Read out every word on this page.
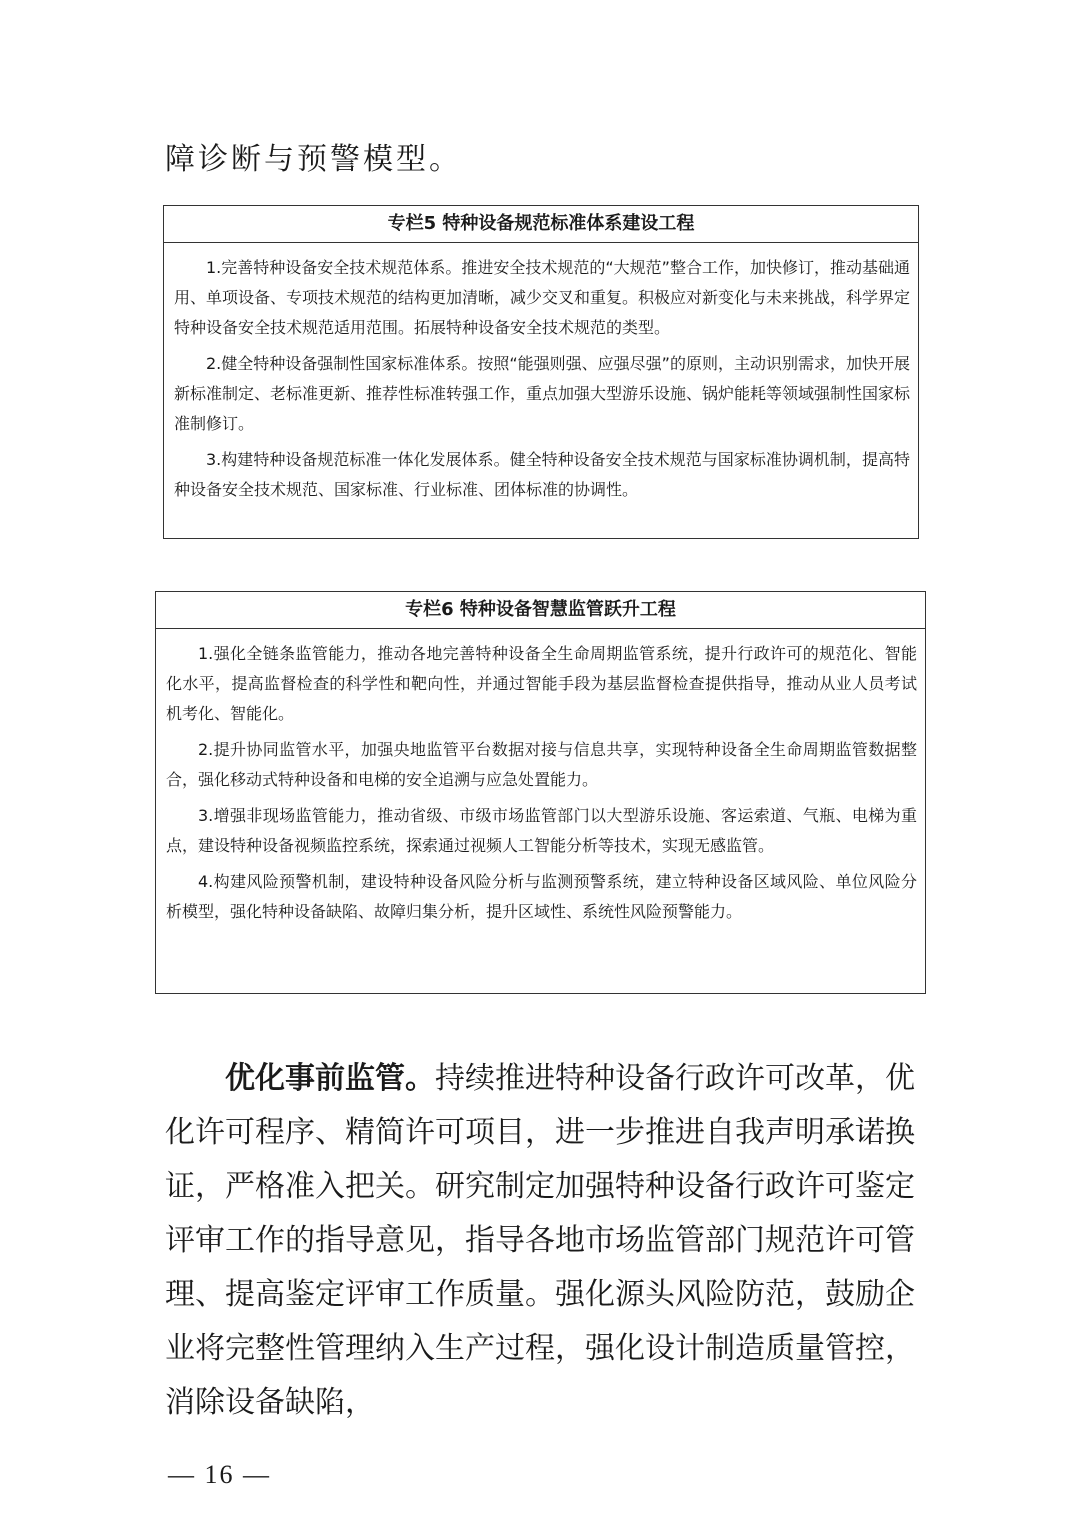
障诊断与预警模型。
专栏5 特种设备规范标准体系建设工程
1.完善特种设备安全技术规范体系。推进安全技术规范的“大规范”整合工作，加快修订，推动基础通用、单项设备、专项技术规范的结构更加清晰，减少交叉和重复。积极应对新变化与未来挑战，科学界定特种设备安全技术规范适用范围。拓展特种设备安全技术规范的类型。
2.健全特种设备强制性国家标准体系。按照“能强则强、应强尽强”的原则，主动识别需求，加快开展新标准制定、老标准更新、推荐性标准转强工作，重点加强大型游乐设施、锅炉能耗等领域强制性国家标准制修订。
3.构建特种设备规范标准一体化发展体系。健全特种设备安全技术规范与国家标准协调机制，提高特种设备安全技术规范、国家标准、行业标准、团体标准的协调性。
专栏6 特种设备智慧监管跃升工程
1.强化全链条监管能力，推动各地完善特种设备全生命周期监管系统，提升行政许可的规范化、智能化水平，提高监督检查的科学性和靶向性，并通过智能手段为基层监督检查提供指导，推动从业人员考试机考化、智能化。
2.提升协同监管水平，加强央地监管平台数据对接与信息共享，实现特种设备全生命周期监管数据整合，强化移动式特种设备和电梯的安全追溯与应急处置能力。
3.增强非现场监管能力，推动省级、市级市场监管部门以大型游乐设施、客运索道、气瓶、电梯为重点，建设特种设备视频监控系统，探索通过视频人工智能分析等技术，实现无感监管。
4.构建风险预警机制，建设特种设备风险分析与监测预警系统，建立特种设备区域风险、单位风险分析模型，强化特种设备缺陷、故障归集分析，提升区域性、系统性风险预警能力。
优化事前监管。持续推进特种设备行政许可改革，优化许可程序、精简许可项目，进一步推进自我声明承诺换证，严格准入把关。研究制定加强特种设备行政许可鉴定评审工作的指导意见，指导各地市场监管部门规范许可管理、提高鉴定评审工作质量。强化源头风险防范，鼓励企业将完整性管理纳入生产过程，强化设计制造质量管控，消除设备缺陷，
— 16 —
